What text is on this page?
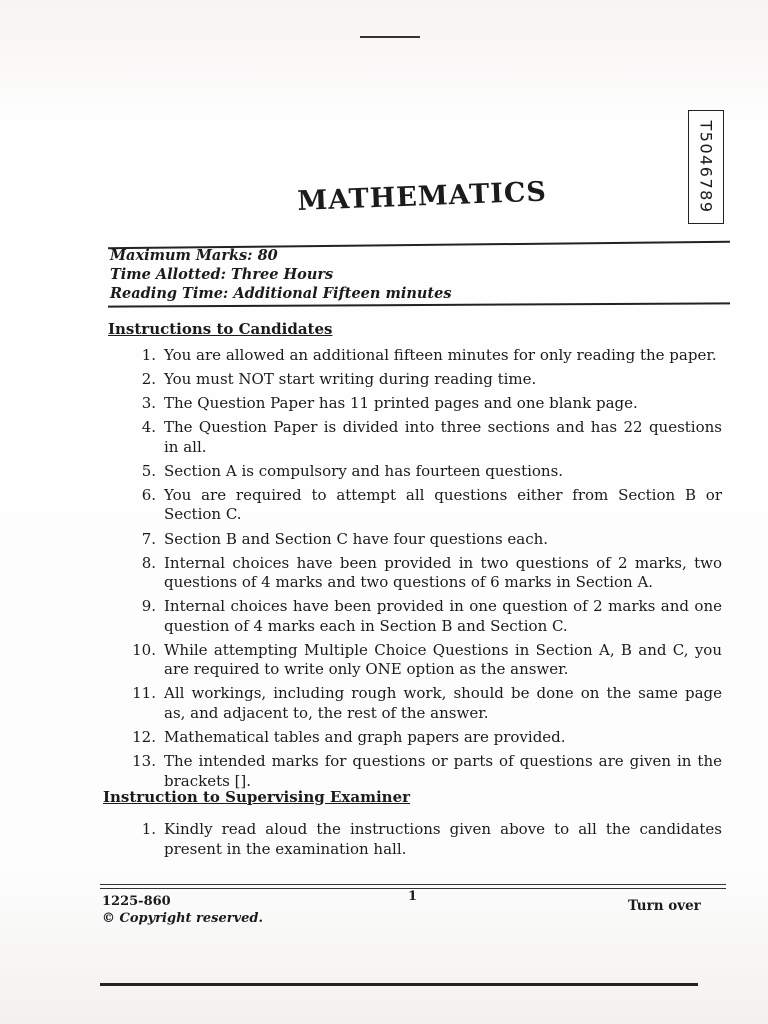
T5046789
MATHEMATICS
Maximum Marks: 80
Time Allotted: Three Hours
Reading Time: Additional Fifteen minutes
Instructions to Candidates
1. You are allowed an additional fifteen minutes for only reading the paper.
2. You must NOT start writing during reading time.
3. The Question Paper has 11 printed pages and one blank page.
4. The Question Paper is divided into three sections and has 22 questions in all.
5. Section A is compulsory and has fourteen questions.
6. You are required to attempt all questions either from Section B or Section C.
7. Section B and Section C have four questions each.
8. Internal choices have been provided in two questions of 2 marks, two questions of 4 marks and two questions of 6 marks in Section A.
9. Internal choices have been provided in one question of 2 marks and one question of 4 marks each in Section B and Section C.
10. While attempting Multiple Choice Questions in Section A, B and C, you are required to write only ONE option as the answer.
11. All workings, including rough work, should be done on the same page as, and adjacent to, the rest of the answer.
12. Mathematical tables and graph papers are provided.
13. The intended marks for questions or parts of questions are given in the brackets [].
Instruction to Supervising Examiner
1. Kindly read aloud the instructions given above to all the candidates present in the examination hall.
1225-860
© Copyright reserved.
1
Turn over
